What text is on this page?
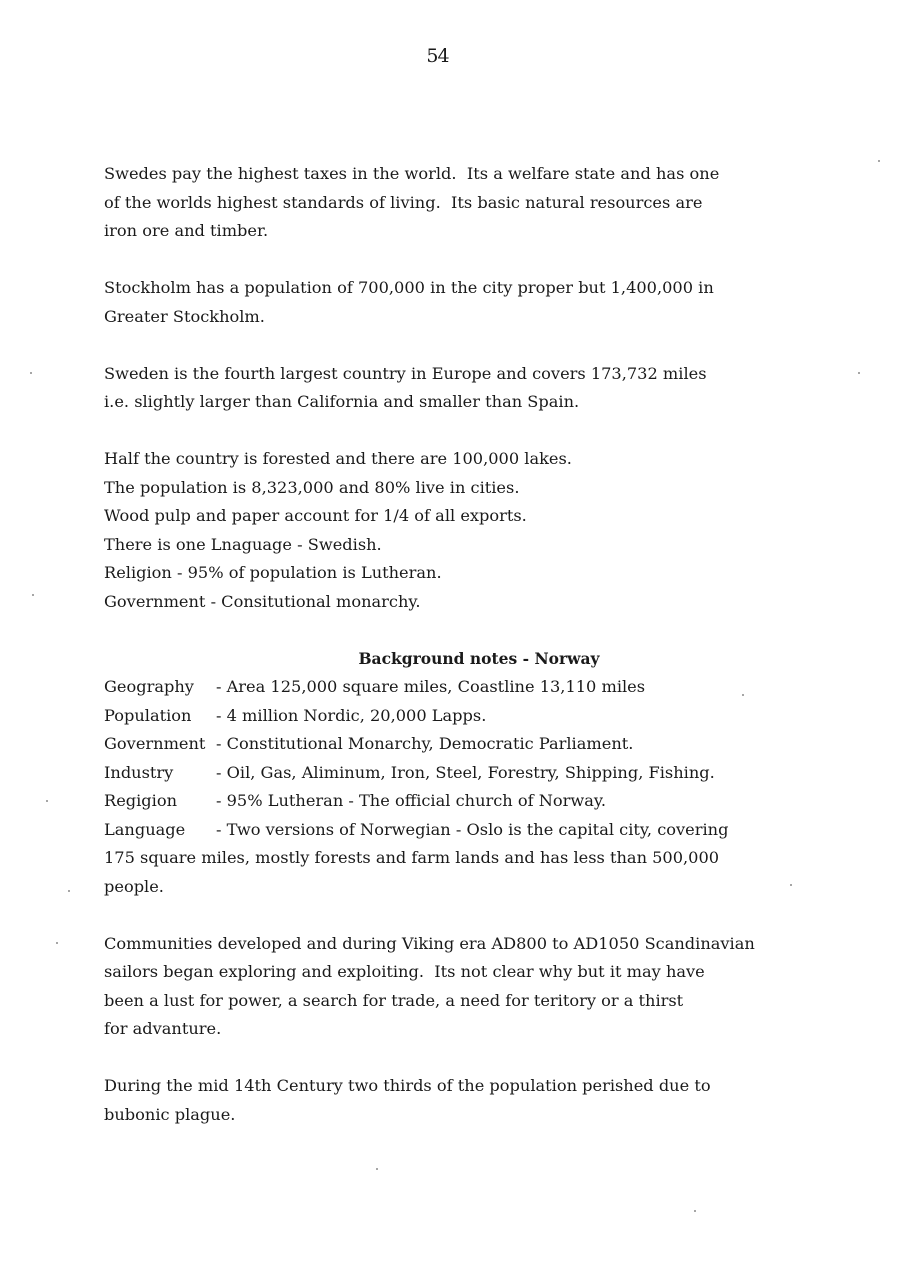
54
Swedes pay the highest taxes in the world.  Its a welfare state and has one
of the worlds highest standards of living.  Its basic natural resources are
iron ore and timber.
Stockholm has a population of 700,000 in the city proper but 1,400,000 in
Greater Stockholm.
Sweden is the fourth largest country in Europe and covers 173,732 miles
i.e. slightly larger than California and smaller than Spain.
Half the country is forested and there are 100,000 lakes.
The population is 8,323,000 and 80% live in cities.
Wood pulp and paper account for 1/4 of all exports.
There is one Lnaguage - Swedish.
Religion - 95% of population is Lutheran.
Government - Consitutional monarchy.
Background notes - Norway
Geography	- Area 125,000 square miles, Coastline 13,110 miles
Population	- 4 million Nordic, 20,000 Lapps.
Government - Constitutional Monarchy, Democratic Parliament.
Industry	- Oil, Gas, Aliminum, Iron, Steel, Forestry, Shipping, Fishing.
Regigion	- 95% Lutheran - The official church of Norway.
Language	- Two versions of Norwegian - Oslo is the capital city, covering
175 square miles, mostly forests and farm lands and has less than 500,000
people.
Communities developed and during Viking era AD800 to AD1050 Scandinavian
sailors began exploring and exploiting.  Its not clear why but it may have
been a lust for power, a search for trade, a need for teritory or a thirst
for advanture.
During the mid 14th Century two thirds of the population perished due to
bubonic plague.
